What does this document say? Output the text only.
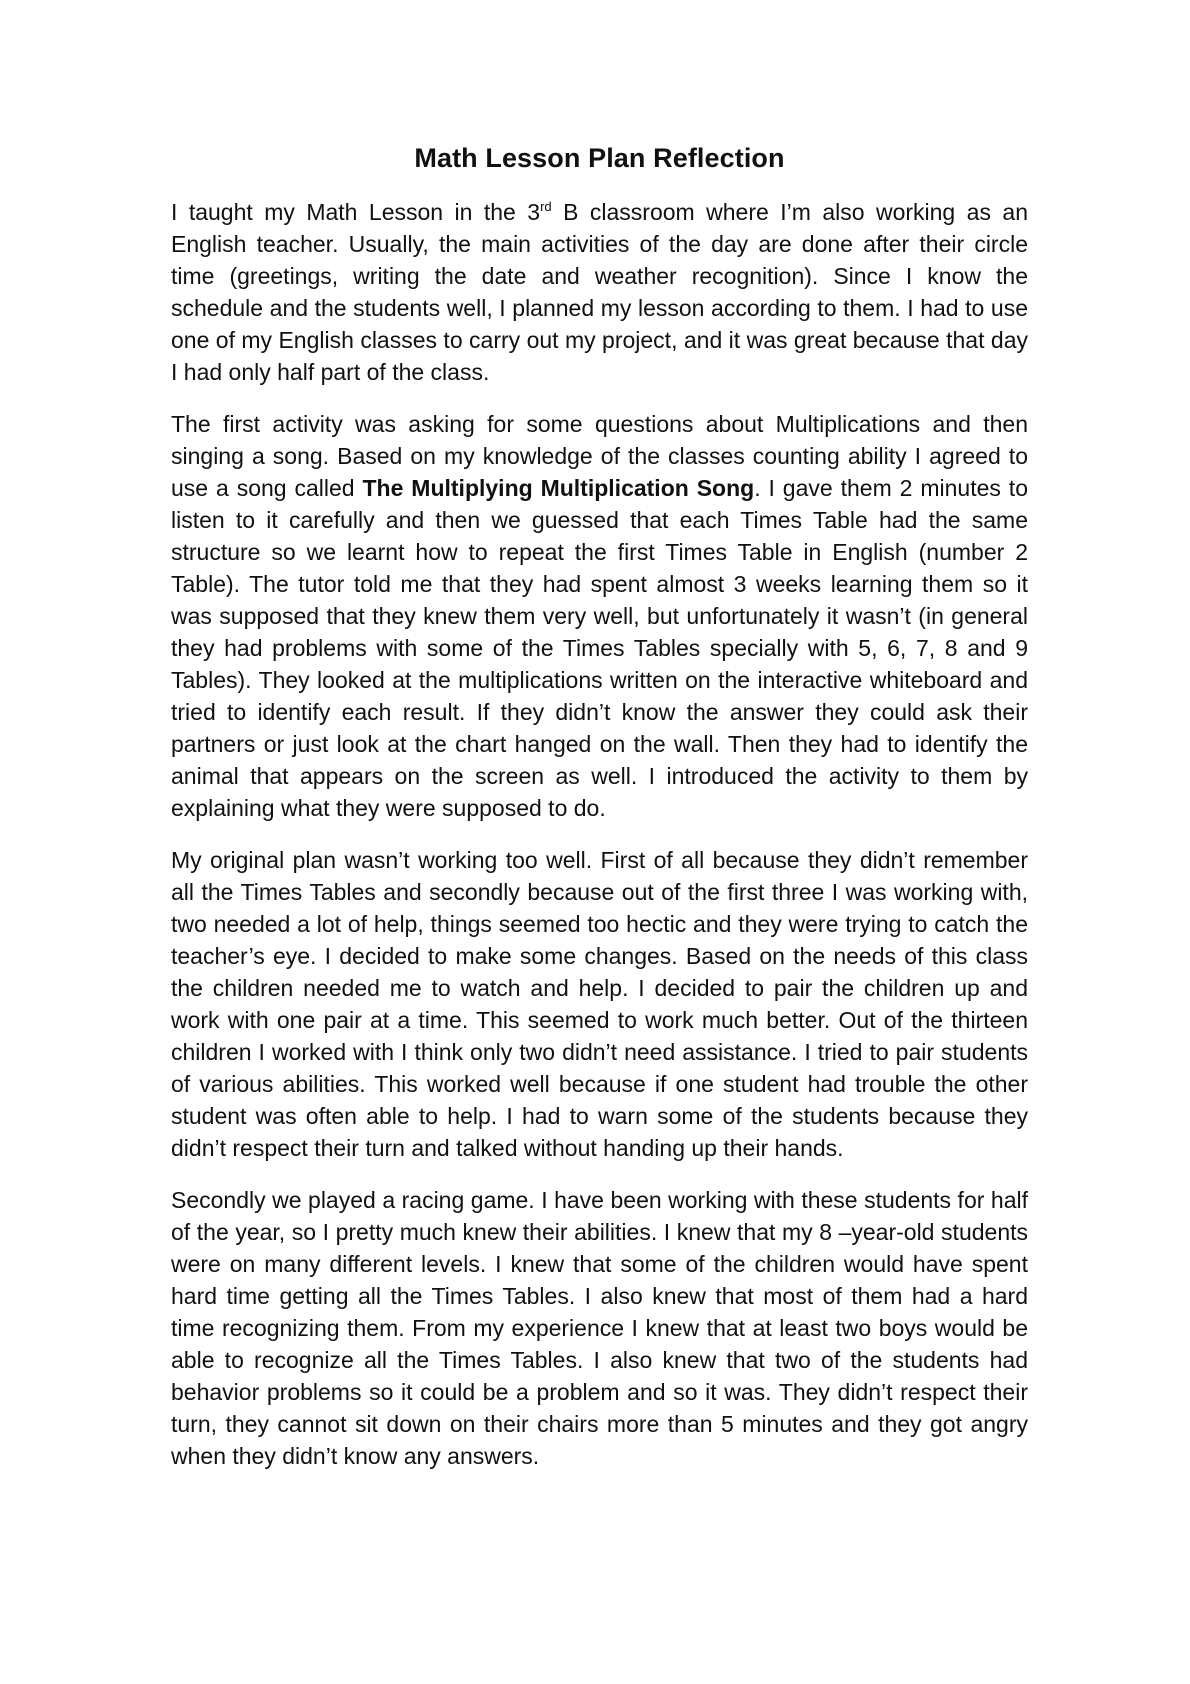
Math Lesson Plan Reflection

I taught my Math Lesson in the 3rd B classroom where I’m also working as an English teacher. Usually, the main activities of the day are done after their circle time (greetings, writing the date and weather recognition). Since I know the schedule and the students well, I planned my lesson according to them. I had to use one of my English classes to carry out my project, and it was great because that day I had only half part of the class.

The first activity was asking for some questions about Multiplications and then singing a song. Based on my knowledge of the classes counting ability I agreed to use a song called The Multiplying Multiplication Song. I gave them 2 minutes to listen to it carefully and then we guessed that each Times Table had the same structure so we learnt how to repeat the first Times Table in English (number 2 Table). The tutor told me that they had spent almost 3 weeks learning them so it was supposed that they knew them very well, but unfortunately it wasn’t (in general they had problems with some of the Times Tables specially with 5, 6, 7, 8 and 9 Tables). They looked at the multiplications written on the interactive whiteboard and tried to identify each result. If they didn’t know the answer they could ask their partners or just look at the chart hanged on the wall. Then they had to identify the animal that appears on the screen as well. I introduced the activity to them by explaining what they were supposed to do.

My original plan wasn’t working too well. First of all because they didn’t remember all the Times Tables and secondly because out of the first three I was working with, two needed a lot of help, things seemed too hectic and they were trying to catch the teacher’s eye. I decided to make some changes. Based on the needs of this class the children needed me to watch and help. I decided to pair the children up and work with one pair at a time. This seemed to work much better. Out of the thirteen children I worked with I think only two didn’t need assistance. I tried to pair students of various abilities. This worked well because if one student had trouble the other student was often able to help. I had to warn some of the students because they didn’t respect their turn and talked without handing up their hands.

Secondly we played a racing game. I have been working with these students for half of the year, so I pretty much knew their abilities. I knew that my 8 –year-old students were on many different levels. I knew that some of the children would have spent hard time getting all the Times Tables. I also knew that most of them had a hard time recognizing them. From my experience I knew that at least two boys would be able to recognize all the Times Tables. I also knew that two of the students had behavior problems so it could be a problem and so it was. They didn’t respect their turn, they cannot sit down on their chairs more than 5 minutes and they got angry when they didn’t know any answers.
